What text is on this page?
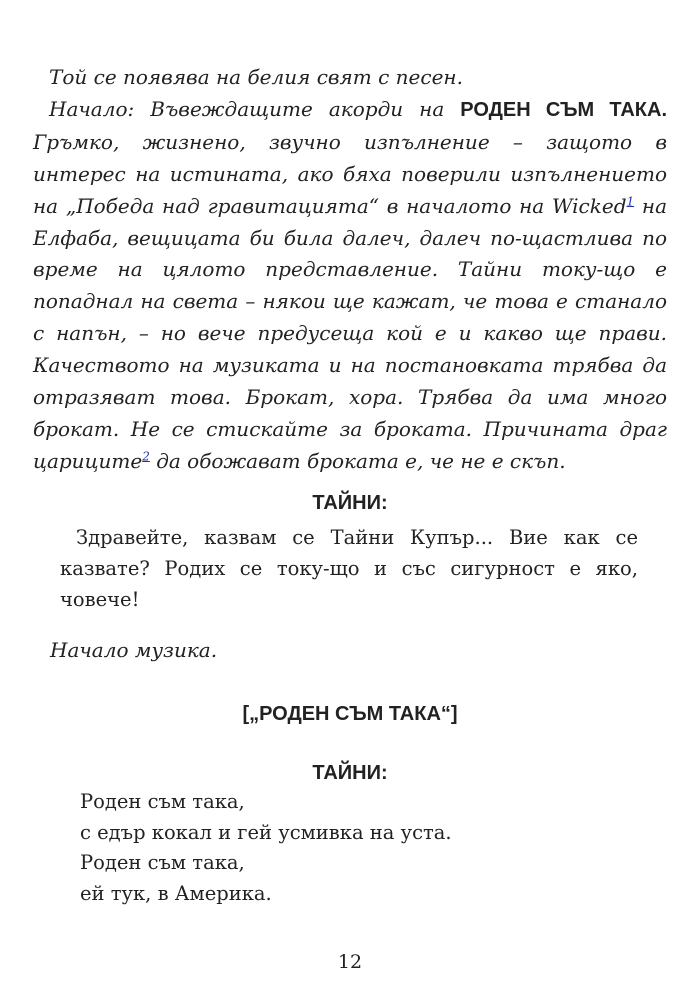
Той се появява на белия свят с песен.
Начало: Въвеждащите акорди на РОДЕН СЪМ ТАКА.
Гръмко, жизнено, звучно изпълнение – защото в
интерес на истината, ако бяха поверили изпълнението
на „Победа над гравитацията“ в началото на Wicked$^1$ на
Елфаба, вещицата би била далеч, далеч по-щастлива по
време на цялото представление. Тайни току-що е
попаднал на света – някои ще кажат, че това е станало
с напън, – но вече предусеща кой е и какво ще прави.
Качеството на музиката и на постановката трябва да
отразяват това. Брокат, хора. Трябва да има много
брокат. Не се стискайте за броката. Причината драг
царицитe$^2$ да обожават броката е, че не е скъп.

ТАЙНИ:

Здравейте, казвам се Тайни Купър... Вие как се
казвате? Родих се току-що и със сигурност е яко,
човече!

Начало музика.

[„РОДЕН СЪМ ТАКА“]

ТАЙНИ:

Роден съм така,
с едър кокал и гей усмивка на уста.
Роден съм така,
ей тук, в Америка.

12
